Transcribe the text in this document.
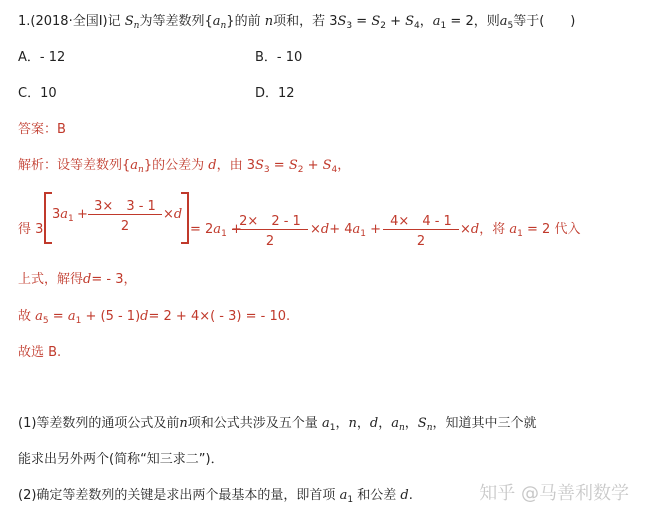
1.(2018·全国Ⅰ)记 $S_n$为等差数列$\{a_n\}$的前 n项和，若 $3S_3 = S_2 + S_4$，$a_1 = 2$，则$a_5$等于(　　)
A．- 12	B．- 10
C．10	D．12
答案：B
解析：设等差数列$\{a_n\}$的公差为 d，由 $3S_3 = S_2 + S_4$，
得 3
$3a_1$ +
3×　3 - 1
2
×d
= $2a_1$
2×　2 - 1
2
$\times d+ 4a_1$ +
4×　4 - 1
2
×d，将 $a_1 = 2$ 代入
上式，解得d= - 3，
故 $a_5 = a_1 + (5 - 1)d= 2 + 4\times( - 3)$ = - 10.
故选 B.
(1)等差数列的通项公式及前n项和公式共涉及五个量 $a_1$，n，d，$a_n$，$S_n$，知道其中三个就
能求出另外两个(简称“知三求二”)．
(2)确定等差数列的关键是求出两个最基本的量，即首项 $a_1$ 和公差 d.	知乎 @马善利数学
